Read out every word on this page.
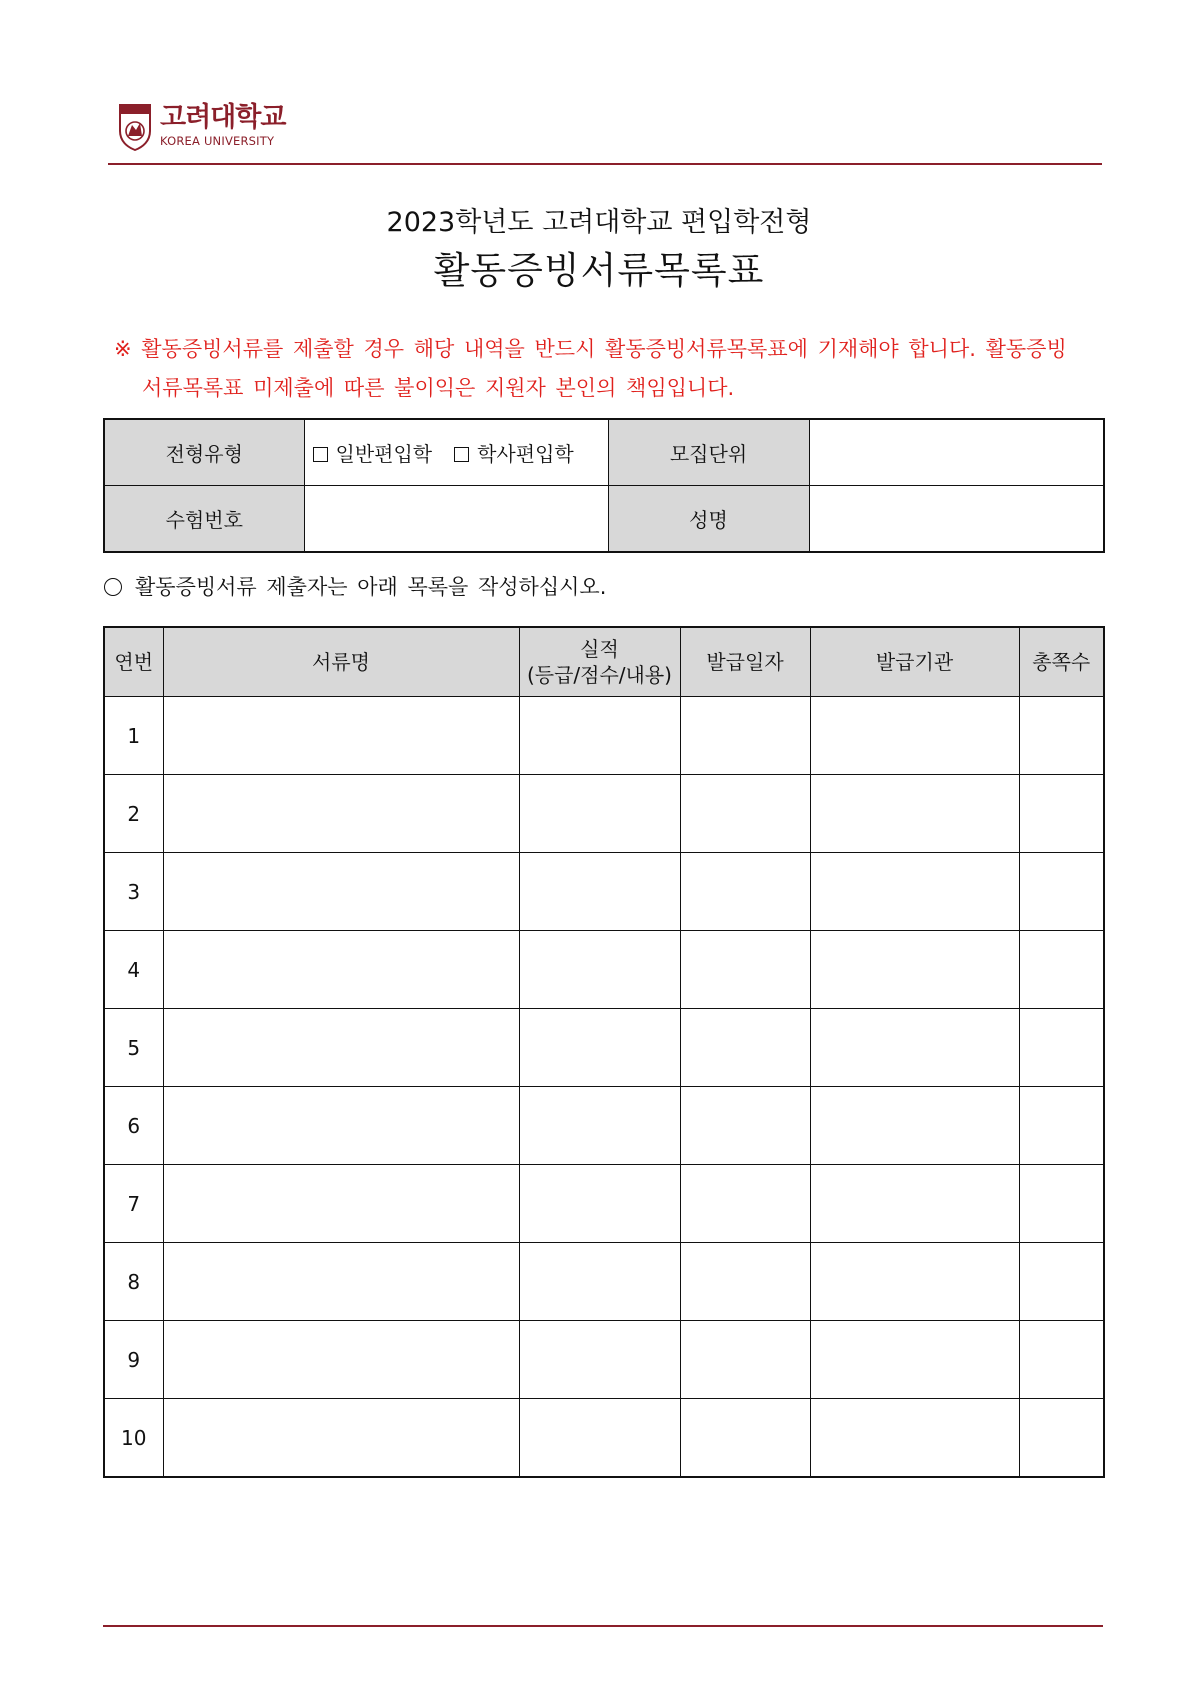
고려대학교
KOREA UNIVERSITY
2023학년도 고려대학교 편입학전형
활동증빙서류목록표
※ 활동증빙서류를 제출할 경우 해당 내역을 반드시 활동증빙서류목록표에 기재해야 합니다. 활동증빙
서류목록표 미제출에 따른 불이익은 지원자 본인의 책임입니다.
전형유형	일반편입학 학사편입학	모집단위	
수험번호		성명	
활동증빙서류 제출자는 아래 목록을 작성하십시오.
연번	서류명	실적
(등급/점수/내용)	발급일자	발급기관	총쪽수
1					
2					
3					
4					
5					
6					
7					
8					
9					
10					
